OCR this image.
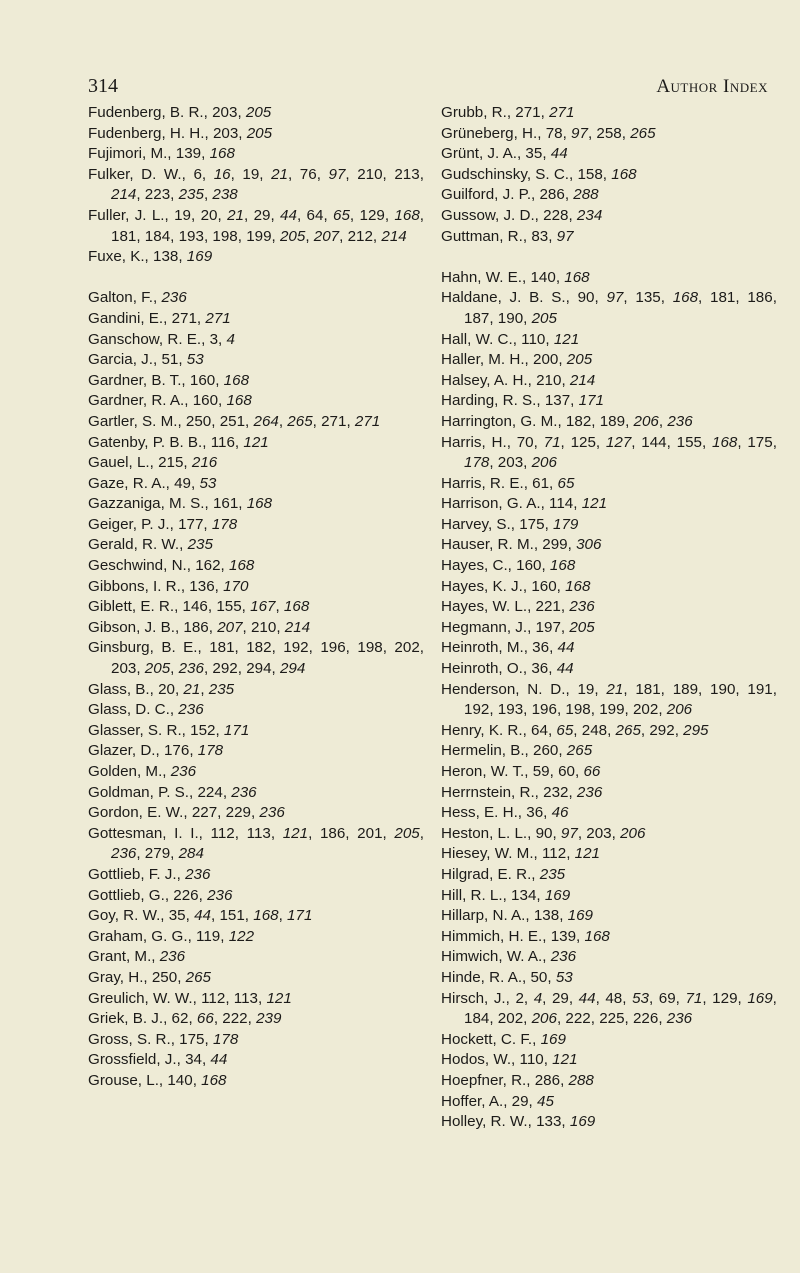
314	Author Index
Fudenberg, B. R., 203, 205
Fudenberg, H. H., 203, 205
Fujimori, M., 139, 168
Fulker, D. W., 6, 16, 19, 21, 76, 97, 210, 213, 214, 223, 235, 238
Fuller, J. L., 19, 20, 21, 29, 44, 64, 65, 129, 168, 181, 184, 193, 198, 199, 205, 207, 212, 214
Fuxe, K., 138, 169
Galton, F., 236
Gandini, E., 271, 271
Ganschow, R. E., 3, 4
Garcia, J., 51, 53
Gardner, B. T., 160, 168
Gardner, R. A., 160, 168
Gartler, S. M., 250, 251, 264, 265, 271, 271
Gatenby, P. B. B., 116, 121
Gauel, L., 215, 216
Gaze, R. A., 49, 53
Gazzaniga, M. S., 161, 168
Geiger, P. J., 177, 178
Gerald, R. W., 235
Geschwind, N., 162, 168
Gibbons, I. R., 136, 170
Giblett, E. R., 146, 155, 167, 168
Gibson, J. B., 186, 207, 210, 214
Ginsburg, B. E., 181, 182, 192, 196, 198, 202, 203, 205, 236, 292, 294, 294
Glass, B., 20, 21, 235
Glass, D. C., 236
Glasser, S. R., 152, 171
Glazer, D., 176, 178
Golden, M., 236
Goldman, P. S., 224, 236
Gordon, E. W., 227, 229, 236
Gottesman, I. I., 112, 113, 121, 186, 201, 205, 236, 279, 284
Gottlieb, F. J., 236
Gottlieb, G., 226, 236
Goy, R. W., 35, 44, 151, 168, 171
Graham, G. G., 119, 122
Grant, M., 236
Gray, H., 250, 265
Greulich, W. W., 112, 113, 121
Griek, B. J., 62, 66, 222, 239
Gross, S. R., 175, 178
Grossfield, J., 34, 44
Grouse, L., 140, 168
Grubb, R., 271, 271
Grüneberg, H., 78, 97, 258, 265
Grünt, J. A., 35, 44
Gudschinsky, S. C., 158, 168
Guilford, J. P., 286, 288
Gussow, J. D., 228, 234
Guttman, R., 83, 97
Hahn, W. E., 140, 168
Haldane, J. B. S., 90, 97, 135, 168, 181, 186, 187, 190, 205
Hall, W. C., 110, 121
Haller, M. H., 200, 205
Halsey, A. H., 210, 214
Harding, R. S., 137, 171
Harrington, G. M., 182, 189, 206, 236
Harris, H., 70, 71, 125, 127, 144, 155, 168, 175, 178, 203, 206
Harris, R. E., 61, 65
Harrison, G. A., 114, 121
Harvey, S., 175, 179
Hauser, R. M., 299, 306
Hayes, C., 160, 168
Hayes, K. J., 160, 168
Hayes, W. L., 221, 236
Hegmann, J., 197, 205
Heinroth, M., 36, 44
Heinroth, O., 36, 44
Henderson, N. D., 19, 21, 181, 189, 190, 191, 192, 193, 196, 198, 199, 202, 206
Henry, K. R., 64, 65, 248, 265, 292, 295
Hermelin, B., 260, 265
Heron, W. T., 59, 60, 66
Herrnstein, R., 232, 236
Hess, E. H., 36, 46
Heston, L. L., 90, 97, 203, 206
Hiesey, W. M., 112, 121
Hilgrad, E. R., 235
Hill, R. L., 134, 169
Hillarp, N. A., 138, 169
Himmich, H. E., 139, 168
Himwich, W. A., 236
Hinde, R. A., 50, 53
Hirsch, J., 2, 4, 29, 44, 48, 53, 69, 71, 129, 169, 184, 202, 206, 222, 225, 226, 236
Hockett, C. F., 169
Hodos, W., 110, 121
Hoepfner, R., 286, 288
Hoffer, A., 29, 45
Holley, R. W., 133, 169
